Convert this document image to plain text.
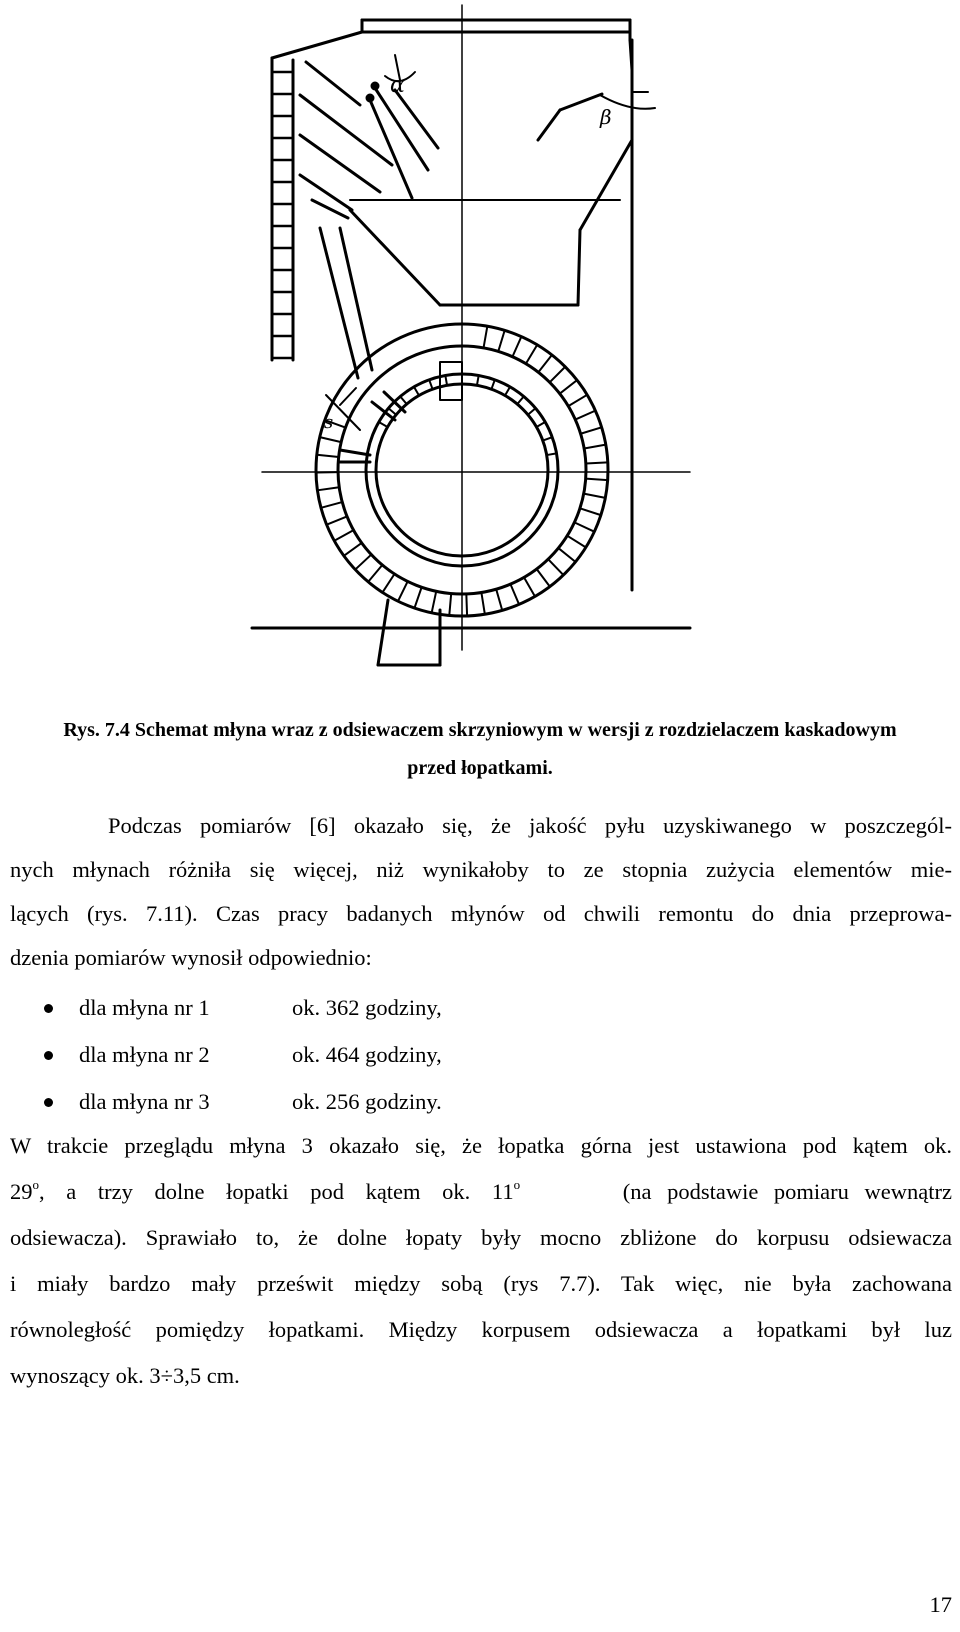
α
β
s
Rys. 7.4 Schemat młyna wraz z odsiewaczem skrzyniowym w wersji z rozdzielaczem kaskadowym
przed łopatkami.
Podczas pomiarów [6] okazało się, że jakość pyłu uzyskiwanego w poszczegól-
nych młynach różniła się więcej, niż wynikałoby to ze stopnia zużycia elementów mie-
lących (rys. 7.11). Czas pracy badanych młynów od chwili remontu do dnia przeprowa-
dzenia pomiarów wynosił odpowiednio:
dla młyna nr 1	ok. 362 godziny,
dla młyna nr 2	ok. 464 godziny,
dla młyna nr 3	ok. 256 godziny.
W trakcie przeglądu młyna 3 okazało się, że łopatka górna jest ustawiona pod kątem ok.
29$^o$, a trzy dolne łopatki pod kątem ok. 11$^o$	(na podstawie pomiaru wewnątrz
odsiewacza). Sprawiało to, że dolne łopaty były mocno zbliżone do korpusu odsiewacza
i miały bardzo mały prześwit między sobą (rys 7.7). Tak więc, nie była zachowana
równoległość pomiędzy łopatkami. Między korpusem odsiewacza a łopatkami był luz
wynoszący ok. 3÷3,5 cm.
17
